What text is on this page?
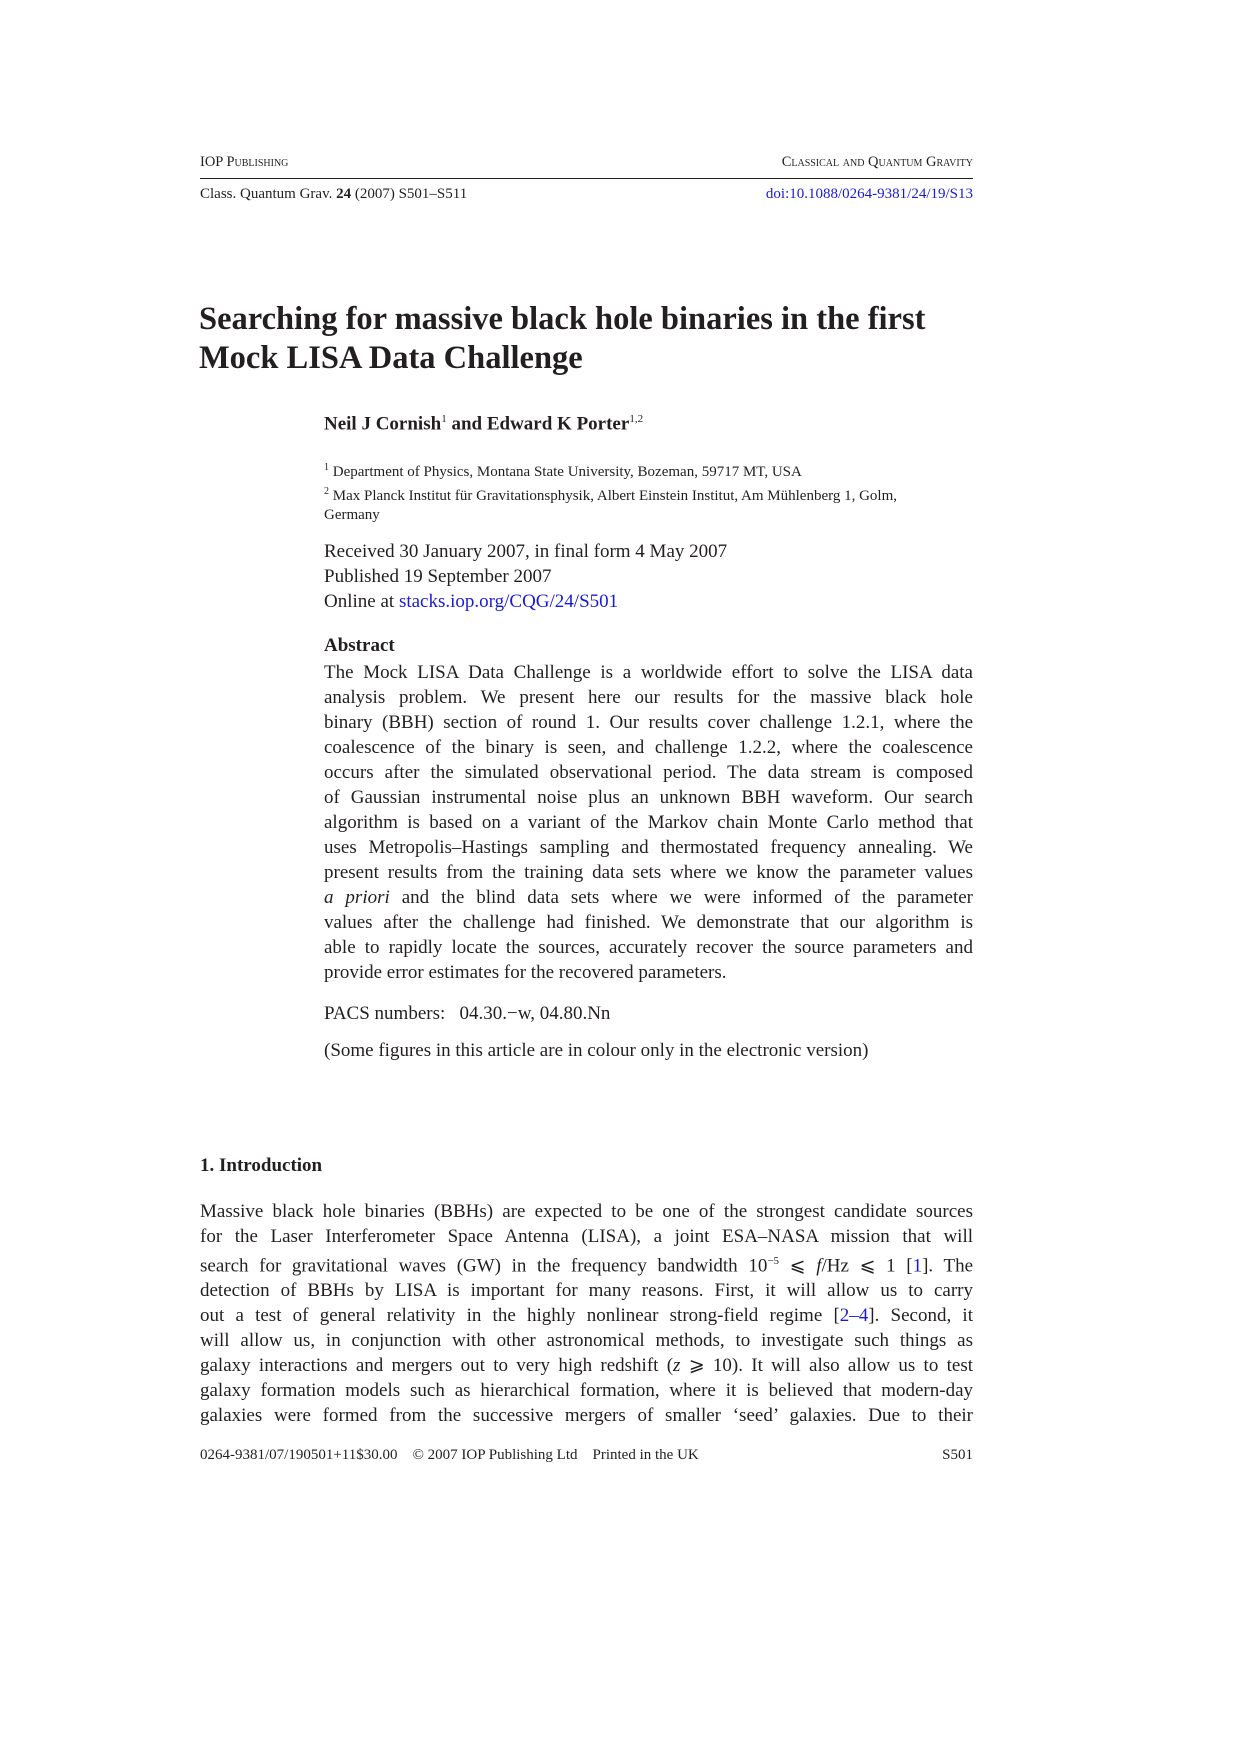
IOP Publishing	Classical and Quantum Gravity
Class. Quantum Grav. 24 (2007) S501–S511	doi:10.1088/0264-9381/24/19/S13
Searching for massive black hole binaries in the first
Mock LISA Data Challenge
Neil J Cornish$^1$ and Edward K Porter$^{1,2}$
$^1$ Department of Physics, Montana State University, Bozeman, 59717 MT, USA
$^2$ Max Planck Institut für Gravitationsphysik, Albert Einstein Institut, Am Mühlenberg 1, Golm,
Germany
Received 30 January 2007, in final form 4 May 2007
Published 19 September 2007
Online at stacks.iop.org/CQG/24/S501
Abstract
The Mock LISA Data Challenge is a worldwide effort to solve the LISA data
analysis problem. We present here our results for the massive black hole
binary (BBH) section of round 1. Our results cover challenge 1.2.1, where the
coalescence of the binary is seen, and challenge 1.2.2, where the coalescence
occurs after the simulated observational period. The data stream is composed
of Gaussian instrumental noise plus an unknown BBH waveform. Our search
algorithm is based on a variant of the Markov chain Monte Carlo method that
uses Metropolis–Hastings sampling and thermostated frequency annealing. We
present results from the training data sets where we know the parameter values
a priori and the blind data sets where we were informed of the parameter
values after the challenge had finished. We demonstrate that our algorithm is
able to rapidly locate the sources, accurately recover the source parameters and
provide error estimates for the recovered parameters.
PACS numbers:   04.30.−w, 04.80.Nn
(Some figures in this article are in colour only in the electronic version)
1. Introduction
Massive black hole binaries (BBHs) are expected to be one of the strongest candidate sources
for the Laser Interferometer Space Antenna (LISA), a joint ESA–NASA mission that will
search for gravitational waves (GW) in the frequency bandwidth $10^{-5}$ ⩽ f/Hz ⩽ 1 [1]. The
detection of BBHs by LISA is important for many reasons. First, it will allow us to carry
out a test of general relativity in the highly nonlinear strong-field regime [2–4]. Second, it
will allow us, in conjunction with other astronomical methods, to investigate such things as
galaxy interactions and mergers out to very high redshift (z ⩾ 10). It will also allow us to test
galaxy formation models such as hierarchical formation, where it is believed that modern-day
galaxies were formed from the successive mergers of smaller ‘seed’ galaxies. Due to their
0264-9381/07/190501+11$30.00    © 2007 IOP Publishing Ltd    Printed in the UK	S501
